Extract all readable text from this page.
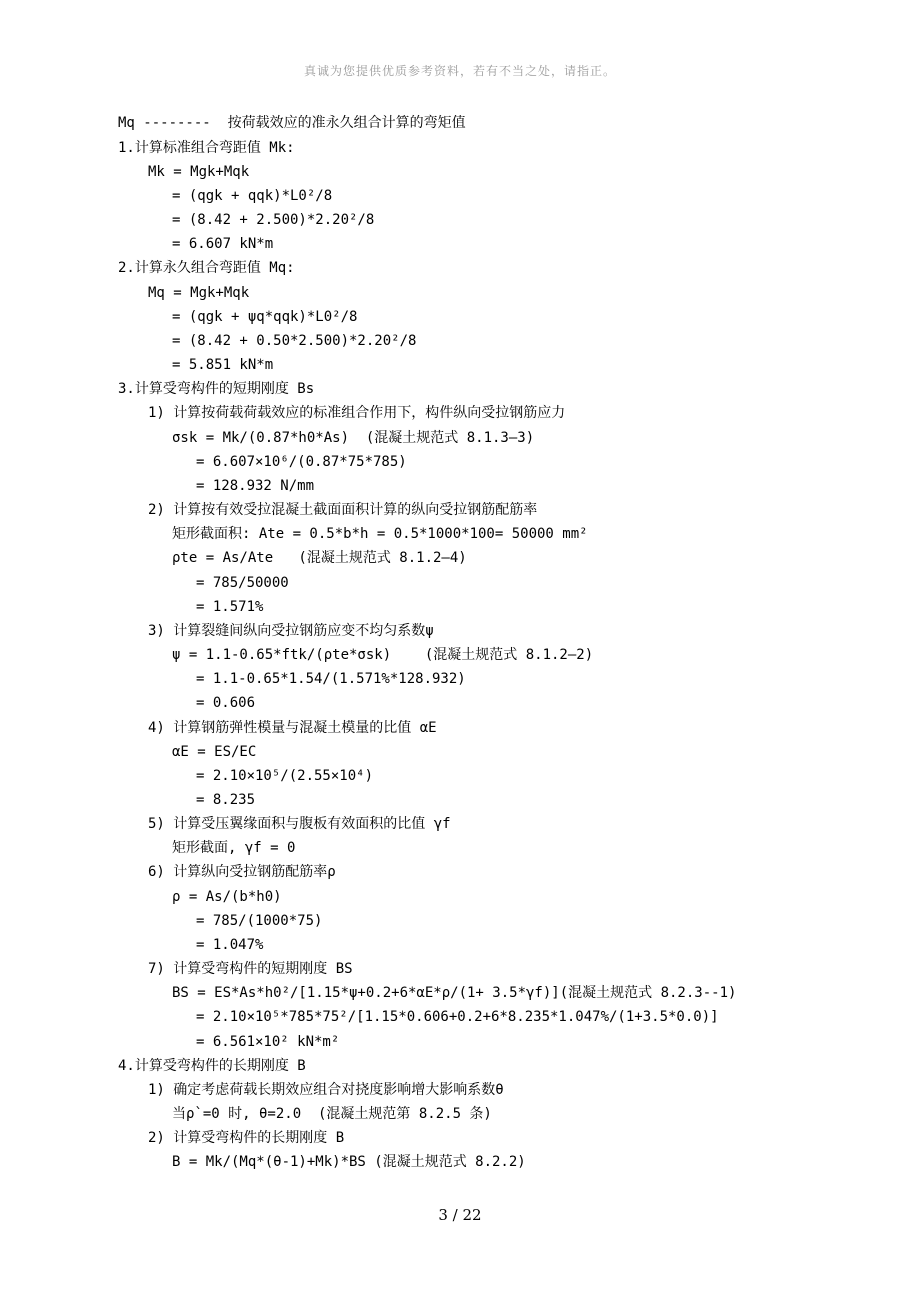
真诚为您提供优质参考资料，若有不当之处，请指正。
Mq --------  按荷载效应的准永久组合计算的弯矩值
1.计算标准组合弯距值 Mk:
Mk = Mgk+Mqk
= (qgk + qqk)*L0²/8
= (8.42 + 2.500)*2.20²/8
= 6.607 kN*m
2.计算永久组合弯距值 Mq:
Mq = Mgk+Mqk
= (qgk + ψq*qqk)*L0²/8
= (8.42 + 0.50*2.500)*2.20²/8
= 5.851 kN*m
3.计算受弯构件的短期刚度 Bs
1) 计算按荷载荷载效应的标准组合作用下，构件纵向受拉钢筋应力
σsk = Mk/(0.87*h0*As)  (混凝土规范式 8.1.3—3)
= 6.607×10⁶/(0.87*75*785)
= 128.932 N/mm
2) 计算按有效受拉混凝土截面面积计算的纵向受拉钢筋配筋率
矩形截面积: Ate = 0.5*b*h = 0.5*1000*100= 50000 mm²
ρte = As/Ate   (混凝土规范式 8.1.2—4)
= 785/50000
= 1.571%
3) 计算裂缝间纵向受拉钢筋应变不均匀系数ψ
ψ = 1.1-0.65*ftk/(ρte*σsk)    (混凝土规范式 8.1.2—2)
= 1.1-0.65*1.54/(1.571%*128.932)
= 0.606
4) 计算钢筋弹性模量与混凝土模量的比值 αE
αE = ES/EC
= 2.10×10⁵/(2.55×10⁴)
= 8.235
5) 计算受压翼缘面积与腹板有效面积的比值 γf
矩形截面, γf = 0
6) 计算纵向受拉钢筋配筋率ρ
ρ = As/(b*h0)
= 785/(1000*75)
= 1.047%
7) 计算受弯构件的短期刚度 BS
BS = ES*As*h0²/[1.15*ψ+0.2+6*αE*ρ/(1+ 3.5*γf)](混凝土规范式 8.2.3--1)
= 2.10×10⁵*785*75²/[1.15*0.606+0.2+6*8.235*1.047%/(1+3.5*0.0)]
= 6.561×10² kN*m²
4.计算受弯构件的长期刚度 B
1) 确定考虑荷载长期效应组合对挠度影响增大影响系数θ
当ρ`=0 时, θ=2.0  (混凝土规范第 8.2.5 条)
2) 计算受弯构件的长期刚度 B
B = Mk/(Mq*(θ-1)+Mk)*BS (混凝土规范式 8.2.2)
3 / 22
